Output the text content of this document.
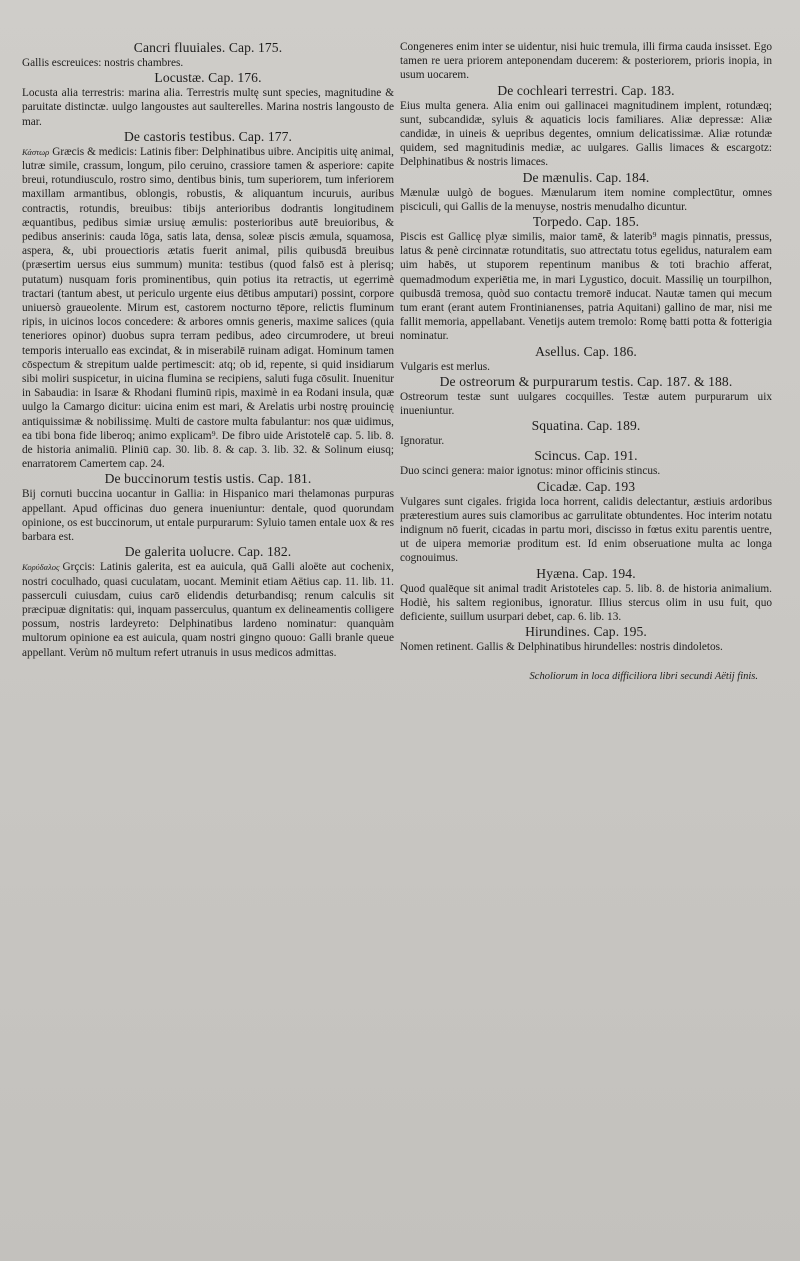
Cancri fluuiales. Cap. 175.

Gallis escreuices: nostris chambres.

Locustæ. Cap. 176.

Locusta alia terrestris: marina alia. Terrestris multę sunt species, magnitudine & paruitate distinctæ. uulgo langoustes aut saulterelles. Marina nostris langousto de mar.

De castoris testibus. Cap. 177.

Κάστωρ Græcis & medicis: Latinis fiber: Delphinatibus uibre. Ancipitis uitę animal, lutræ simile, crassum, longum, pilo ceruino, crassiore tamen & asperiore: capite breui, rotundiusculo, rostro simo, dentibus binis, tum superiorem, tum inferiorem maxillam armantibus, oblongis, robustis, & aliquantum incuruis, auribus contractis, rotundis, breuibus: tibijs anterioribus dodrantis longitudinem æquantibus, pedibus simiæ ursiuę æmulis: posterioribus autē breuioribus, & pedibus anserinis: cauda lōga, satis lata, densa, soleæ piscis æmula, squamosa, aspera, &, ubi prouectioris ætatis fuerit animal, pilis quibusdā breuibus (præsertim uersus eius summum) munita: testibus (quod falsō est à plerisq; putatum) nusquam foris prominentibus, quin potius ita retractis, ut egerrimè tractari (tantum abest, ut periculo urgente eius dētibus amputari) possint, corpore uniuersò graueolente. Mirum est, castorem nocturno tēpore, relictis fluminum ripis, in uicinos locos concedere: & arbores omnis generis, maxime salices (quia teneriores opinor) duobus supra terram pedibus, adeo circumrodere, ut breui temporis interuallo eas excindat, & in miserabilē ruinam adigat. Hominum tamen cōspectum & strepitum ualde pertimescit: atq; ob id, repente, si quid insidiarum sibi moliri suspicetur, in uicina flumina se recipiens, saluti fuga cōsulit. Inuenitur in Sabaudia: in Isaræ & Rhodani fluminū ripis, maximè in ea Rodani insula, quæ uulgo la Camargo dicitur: uicina enim est mari, & Arelatis urbi nostrę prouincię antiquissimæ & nobilissimę. Multi de castore multa fabulantur: nos quæ uidimus, ea tibi bona fide liberoq; animo explicam⁹. De fibro uide Aristotelē cap. 5. lib. 8. de historia animaliū. Pliniū cap. 30. lib. 8. & cap. 3. lib. 32. & Solinum eiusq; enarratorem Camertem cap. 24.

De buccinorum testis ustis. Cap. 181.

Bij cornuti buccina uocantur in Gallia: in Hispanico mari thelamonas purpuras appellant. Apud officinas duo genera inueniuntur: dentale, quod quorundam opinione, os est buccinorum, ut entale purpurarum: Syluio tamen entale uox & res barbara est.

De galerita uolucre. Cap. 182.

Κορύδαλος Grçcis: Latinis galerita, est ea auicula, quā Galli aloëte aut cochenix, nostri coculhado, quasi cuculatam, uocant. Meminit etiam Aëtius cap. 11. lib. 11. passerculi cuiusdam, cuius carō elidendis deturbandisq; renum calculis sit præcipuæ dignitatis: qui, inquam passerculus, quantum ex delineamentis colligere possum, nostris lardeyreto: Delphinatibus lardeno nominatur: quanquàm multorum opinione ea est auicula, quam nostri gingno quouo: Galli branle queue appellant. Verùm nō multum refert utranuis in usus medicos admittas.

Congeneres enim inter se uidentur, nisi huic tremula, illi firma cauda insisset. Ego tamen re uera priorem anteponendam ducerem: & posteriorem, prioris inopia, in usum uocarem.

De cochleari terrestri. Cap. 183.

Eius multa genera. Alia enim oui gallinacei magnitudinem implent, rotundæq; sunt, subcandidæ, syluis & aquaticis locis familiares. Aliæ depressæ: Aliæ candidæ, in uineis & uepribus degentes, omnium delicatissimæ. Aliæ rotundæ quidem, sed magnitudinis mediæ, ac uulgares. Gallis limaces & escargotz: Delphinatibus & nostris limaces.

De mænulis. Cap. 184.

Mænulæ uulgò de bogues. Mænularum item nomine complectūtur, omnes pisciculi, qui Gallis de la menuyse, nostris menudalho dicuntur.

Torpedo. Cap. 185.

Piscis est Gallicę plyæ similis, maior tamē, & laterib⁹ magis pinnatis, pressus, latus & penè circinnatæ rotunditatis, suo attrectatu totus egelidus, naturalem eam uim habēs, ut stuporem repentinum manibus & toti brachio afferat, quemadmodum experiētia me, in mari Lygustico, docuit. Massilię un tourpilhon, quibusdā tremosa, quòd suo contactu tremorē inducat. Nautæ tamen qui mecum tum erant (erant autem Frontinianenses, patria Aquitani) gallino de mar, nisi me fallit memoria, appellabant. Venetijs autem tremolo: Romę batti potta & fotterigia nominatur.

Asellus. Cap. 186.

Vulgaris est merlus.

De ostreorum & purpurarum testis. Cap. 187. & 188.

Ostreorum testæ sunt uulgares cocquilles. Testæ autem purpurarum uix inueniuntur.

Squatina. Cap. 189.

Ignoratur.

Scincus. Cap. 191.

Duo scinci genera: maior ignotus: minor officinis stincus.

Cicadæ. Cap. 193

Vulgares sunt cigales. frigida loca horrent, calidis delectantur, æstiuis ardoribus præterestium aures suis clamoribus ac garrulitate obtundentes. Hoc interim notatu indignum nō fuerit, cicadas in partu mori, discisso in fœtus exitu parentis uentre, ut de uipera memoriæ proditum est. Id enim obseruatione multa ac longa cognouimus.

Hyæna. Cap. 194.

Quod qualēque sit animal tradit Aristoteles cap. 5. lib. 8. de historia animalium. Hodiè, his saltem regionibus, ignoratur. Illius stercus olim in usu fuit, quo deficiente, suillum usurpari debet, cap. 6. lib. 13.

Hirundines. Cap. 195.

Nomen retinent. Gallis & Delphinatibus hirundelles: nostris dindoletos.

Scholiorum in loca difficiliora libri secundi Aëtij finis.
